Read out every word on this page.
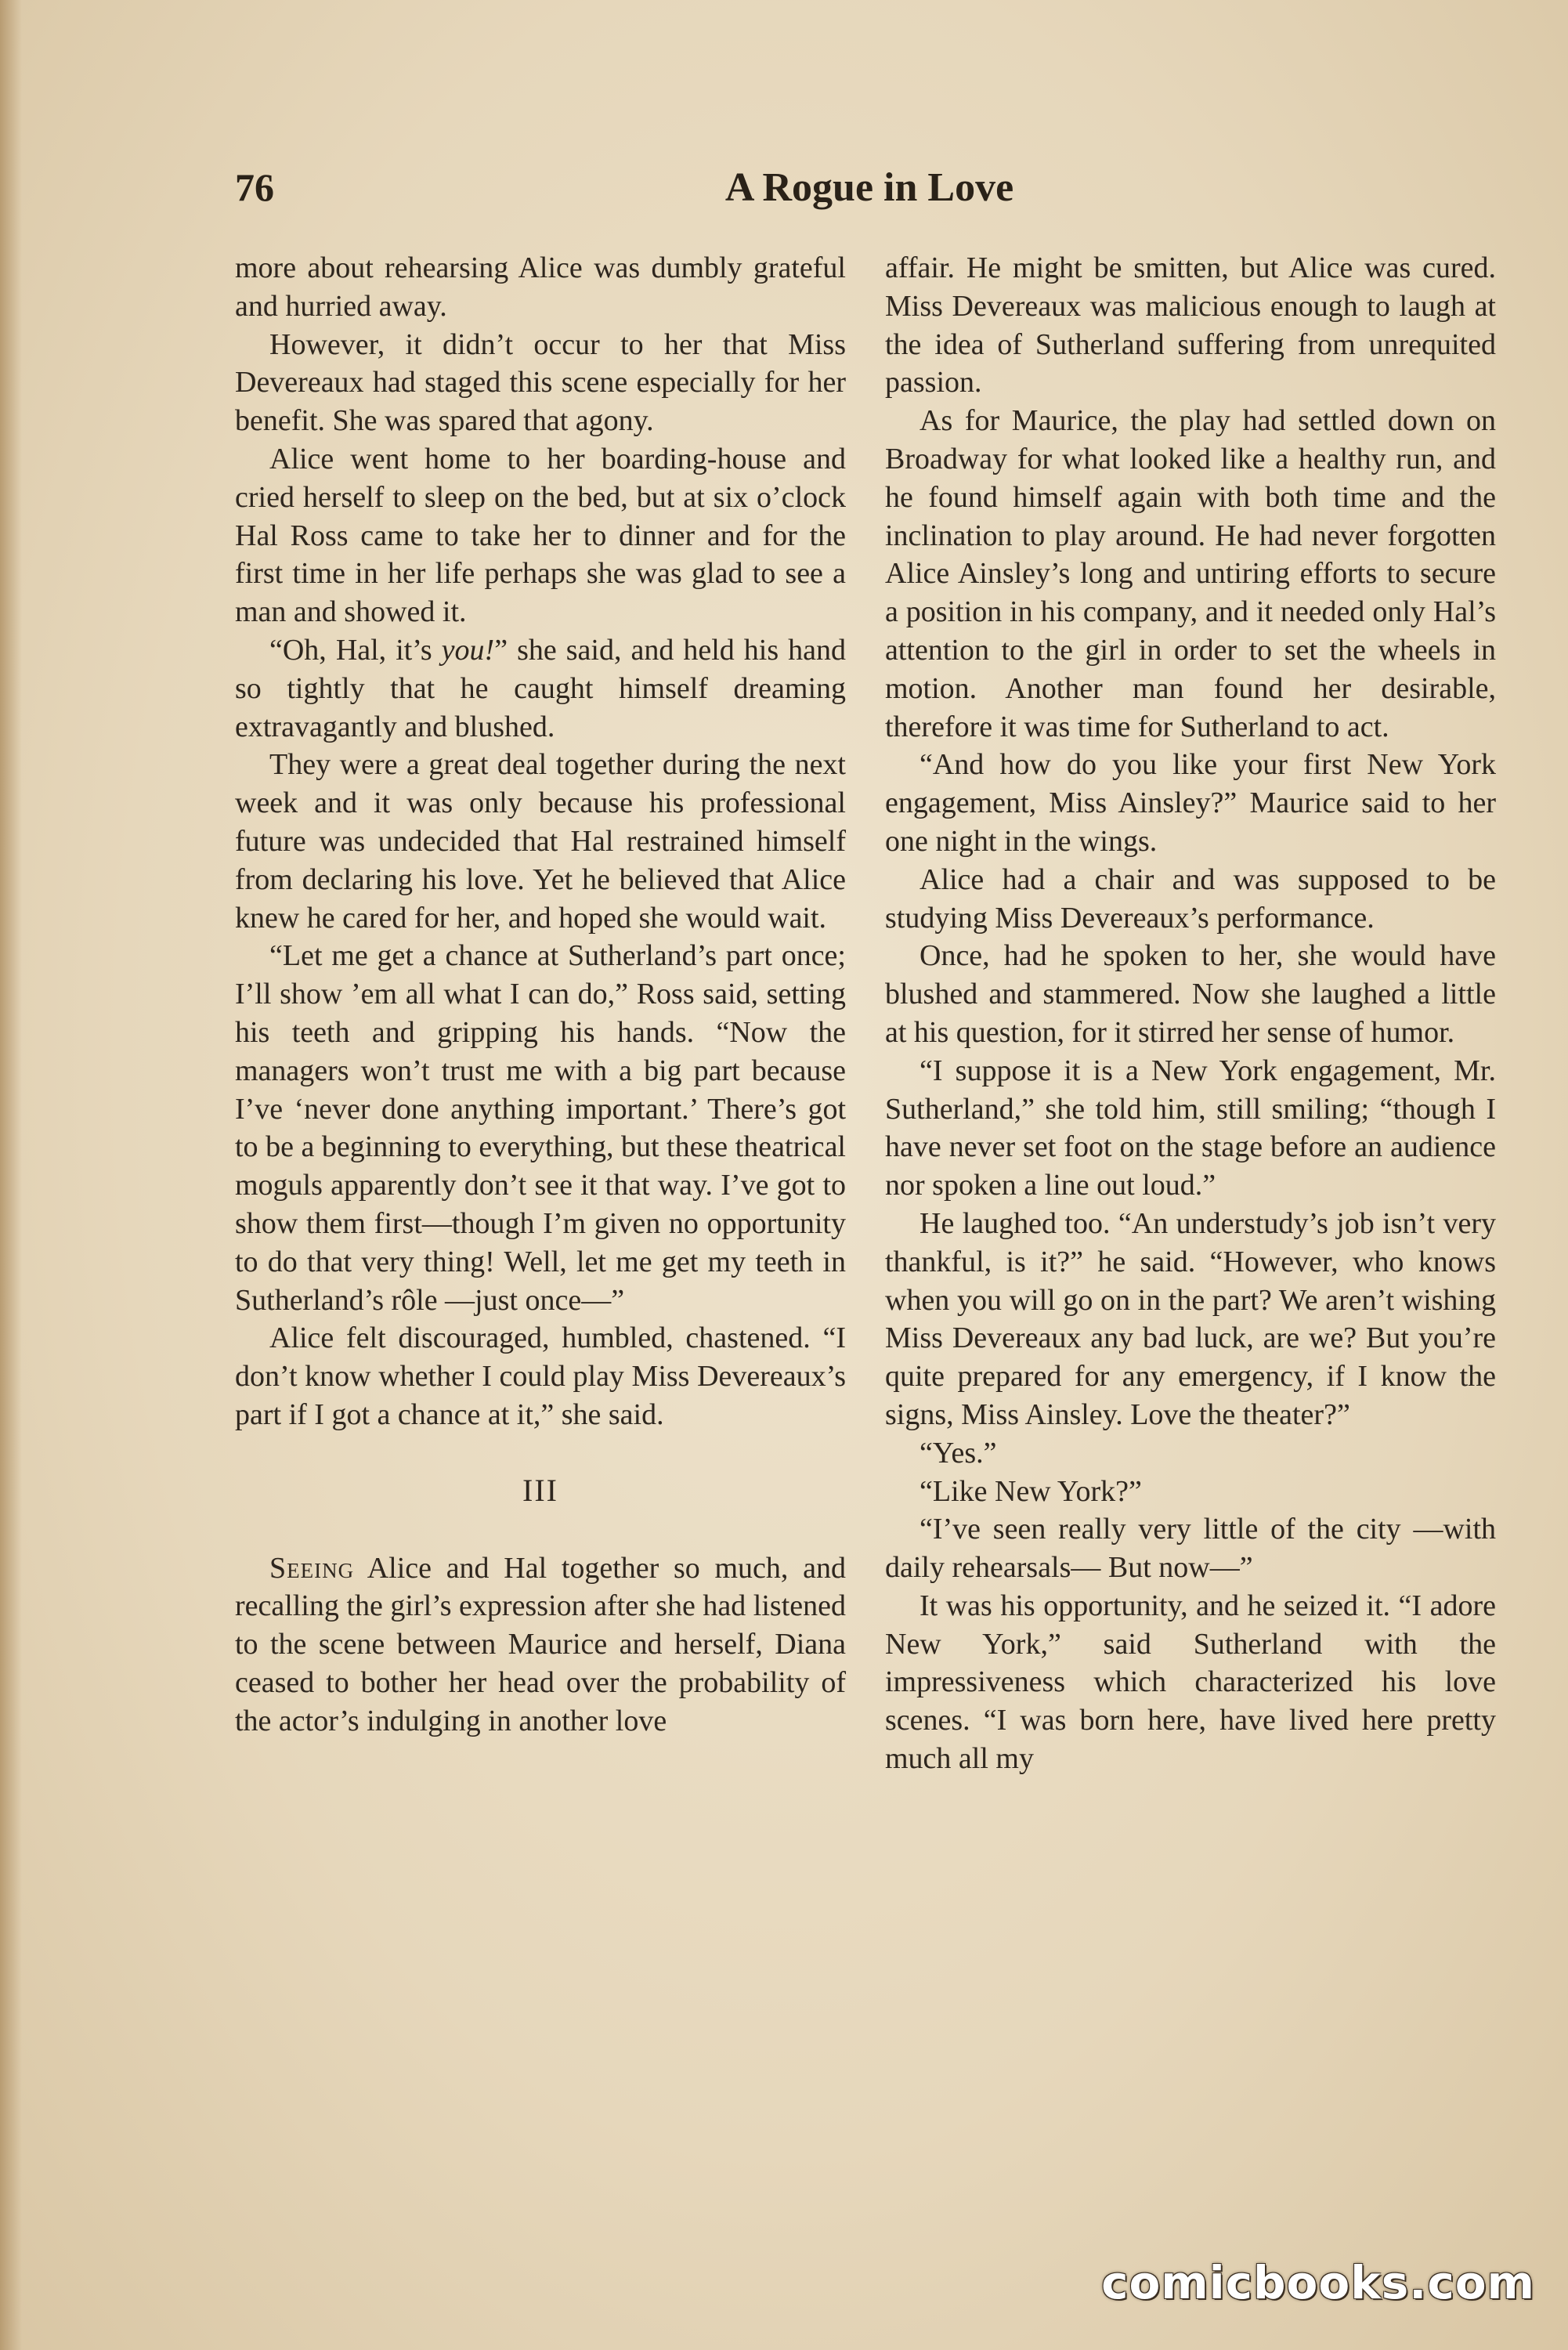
76	A Rogue in Love

more about rehearsing Alice was dumbly grateful and hurried away.

However, it didn’t occur to her that Miss Devereaux had staged this scene especially for her benefit. She was spared that agony.

Alice went home to her boarding-house and cried herself to sleep on the bed, but at six o’clock Hal Ross came to take her to dinner and for the first time in her life perhaps she was glad to see a man and showed it.

“Oh, Hal, it’s you!” she said, and held his hand so tightly that he caught himself dreaming extravagantly and blushed.

They were a great deal together during the next week and it was only because his professional future was undecided that Hal restrained himself from declaring his love. Yet he believed that Alice knew he cared for her, and hoped she would wait.

“Let me get a chance at Sutherland’s part once; I’ll show ’em all what I can do,” Ross said, setting his teeth and gripping his hands. “Now the managers won’t trust me with a big part because I’ve ‘never done anything important.’ There’s got to be a beginning to everything, but these theatrical moguls apparently don’t see it that way. I’ve got to show them first—though I’m given no opportunity to do that very thing! Well, let me get my teeth in Sutherland’s rôle —just once—”

Alice felt discouraged, humbled, chastened. “I don’t know whether I could play Miss Devereaux’s part if I got a chance at it,” she said.

III

Seeing Alice and Hal together so much, and recalling the girl’s expression after she had listened to the scene between Maurice and herself, Diana ceased to bother her head over the probability of the actor’s indulging in another love

affair. He might be smitten, but Alice was cured. Miss Devereaux was malicious enough to laugh at the idea of Sutherland suffering from unrequited passion.

As for Maurice, the play had settled down on Broadway for what looked like a healthy run, and he found himself again with both time and the inclination to play around. He had never forgotten Alice Ainsley’s long and untiring efforts to secure a position in his company, and it needed only Hal’s attention to the girl in order to set the wheels in motion. Another man found her desirable, therefore it was time for Sutherland to act.

“And how do you like your first New York engagement, Miss Ainsley?” Maurice said to her one night in the wings.

Alice had a chair and was supposed to be studying Miss Devereaux’s performance.

Once, had he spoken to her, she would have blushed and stammered. Now she laughed a little at his question, for it stirred her sense of humor.

“I suppose it is a New York engagement, Mr. Sutherland,” she told him, still smiling; “though I have never set foot on the stage before an audience nor spoken a line out loud.”

He laughed too. “An understudy’s job isn’t very thankful, is it?” he said. “However, who knows when you will go on in the part? We aren’t wishing Miss Devereaux any bad luck, are we? But you’re quite prepared for any emergency, if I know the signs, Miss Ainsley. Love the theater?”

“Yes.”

“Like New York?”

“I’ve seen really very little of the city —with daily rehearsals— But now—”

It was his opportunity, and he seized it. “I adore New York,” said Sutherland with the impressiveness which characterized his love scenes. “I was born here, have lived here pretty much all my

comicbooks.com
